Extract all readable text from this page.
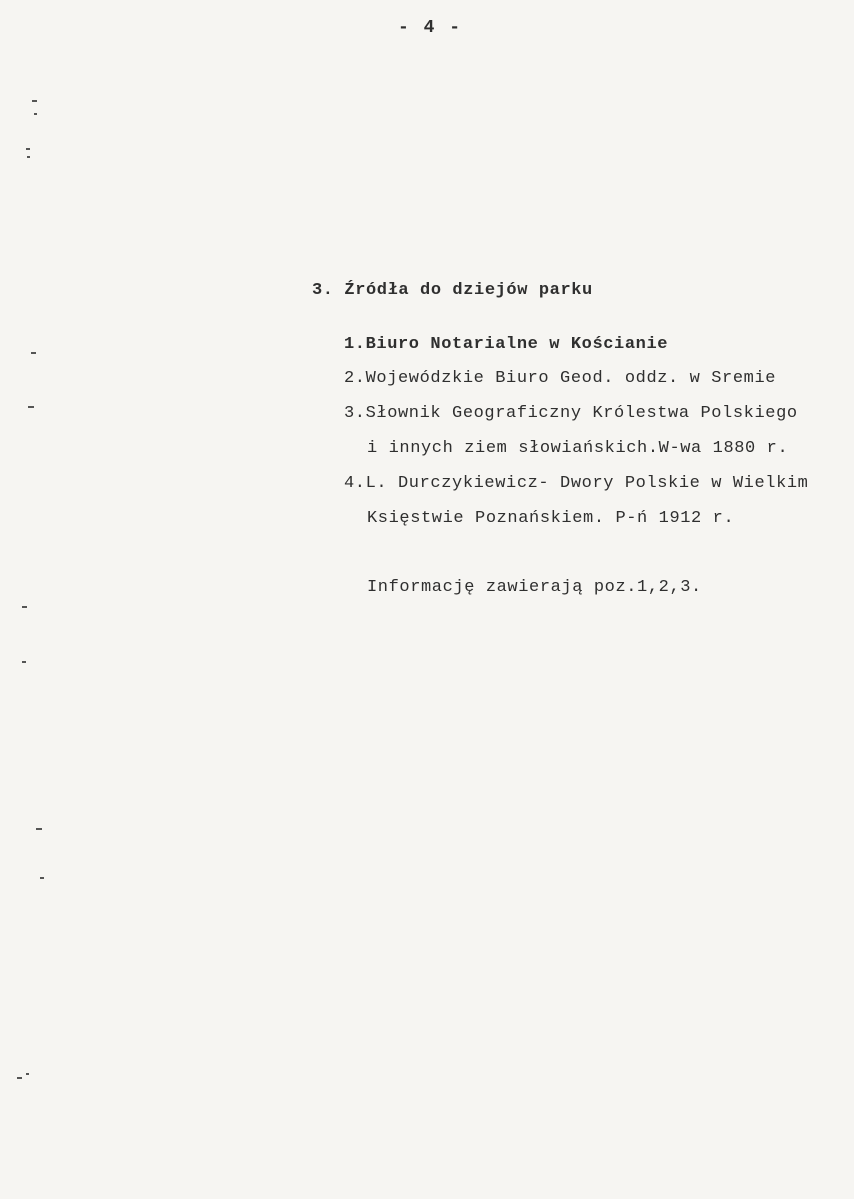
- 4 -
3. Źródła do dziejów parku
1.Biuro Notarialne w Kościanie
2.Wojewódzkie Biuro Geod. oddz. w Sremie
3.Słownik Geograficzny Królestwa Polskiego
i innych ziem słowiańskich.W-wa 1880 r.
4.L. Durczykiewicz- Dwory Polskie w Wielkim
Księstwie Poznańskiem. P-ń 1912 r.
Informację zawierają poz.1,2,3.
